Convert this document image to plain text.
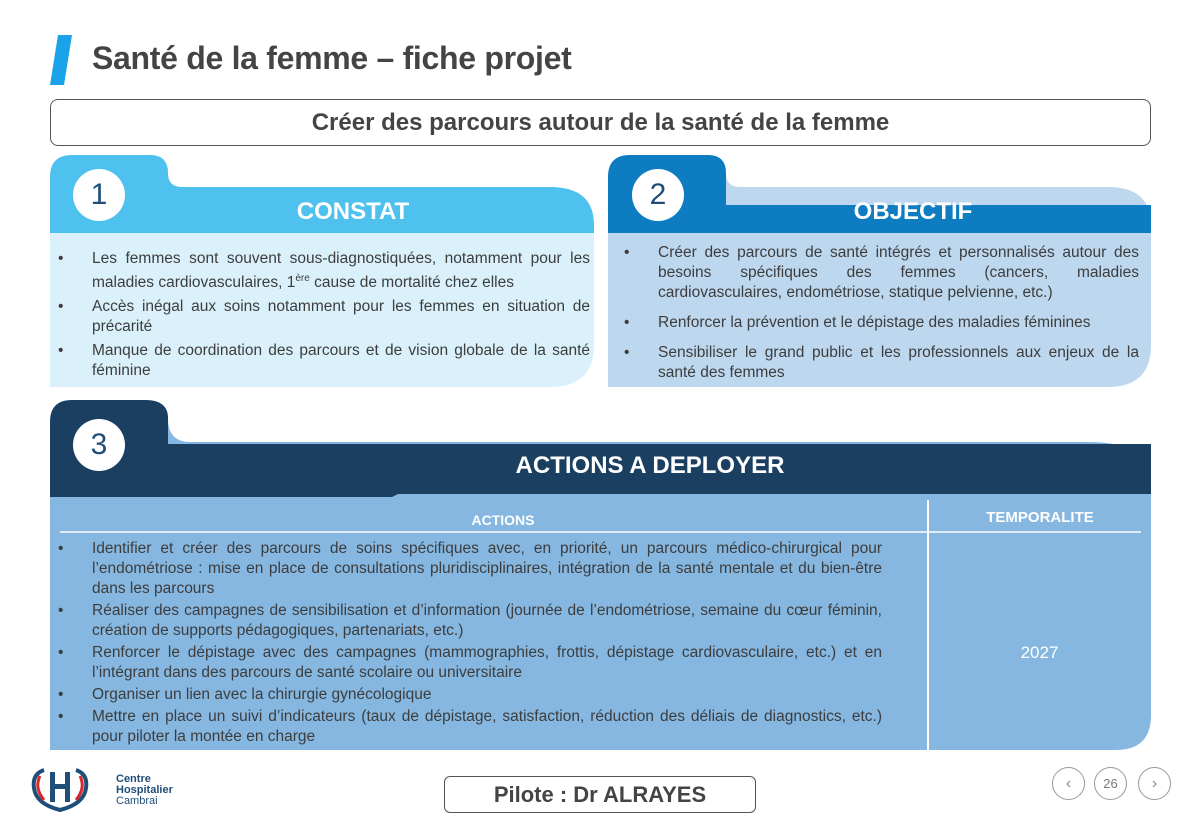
Santé de la femme – fiche projet
Créer des parcours autour de la santé de la femme
1
CONSTAT
• Les femmes sont souvent sous-diagnostiquées, notamment pour les maladies cardiovasculaires, 1ère cause de mortalité chez elles
• Accès inégal aux soins notamment pour les femmes en situation de précarité
• Manque de coordination des parcours et de vision globale de la santé féminine
2
OBJECTIF
• Créer des parcours de santé intégrés et personnalisés autour des besoins spécifiques des femmes (cancers, maladies cardiovasculaires, endométriose, statique pelvienne, etc.)
• Renforcer la prévention et le dépistage des maladies féminines
• Sensibiliser le grand public et les professionnels aux enjeux de la santé des femmes
3
ACTIONS A DEPLOYER
ACTIONS	TEMPORALITE
• Identifier et créer des parcours de soins spécifiques avec, en priorité, un parcours médico-chirurgical pour l’endométriose : mise en place de consultations pluridisciplinaires, intégration de la santé mentale et du bien-être dans les parcours
• Réaliser des campagnes de sensibilisation et d’information (journée de l’endométriose, semaine du cœur féminin, création de supports pédagogiques, partenariats, etc.)
• Renforcer le dépistage avec des campagnes (mammographies, frottis, dépistage cardiovasculaire, etc.) et en l’intégrant dans des parcours de santé scolaire ou universitaire
• Organiser un lien avec la chirurgie gynécologique
• Mettre en place un suivi d’indicateurs (taux de dépistage, satisfaction, réduction des déliais de diagnostics, etc.) pour piloter la montée en charge
2027
Centre
Hospitalier
Cambrai	Pilote : Dr ALRAYES	‹	26	›
